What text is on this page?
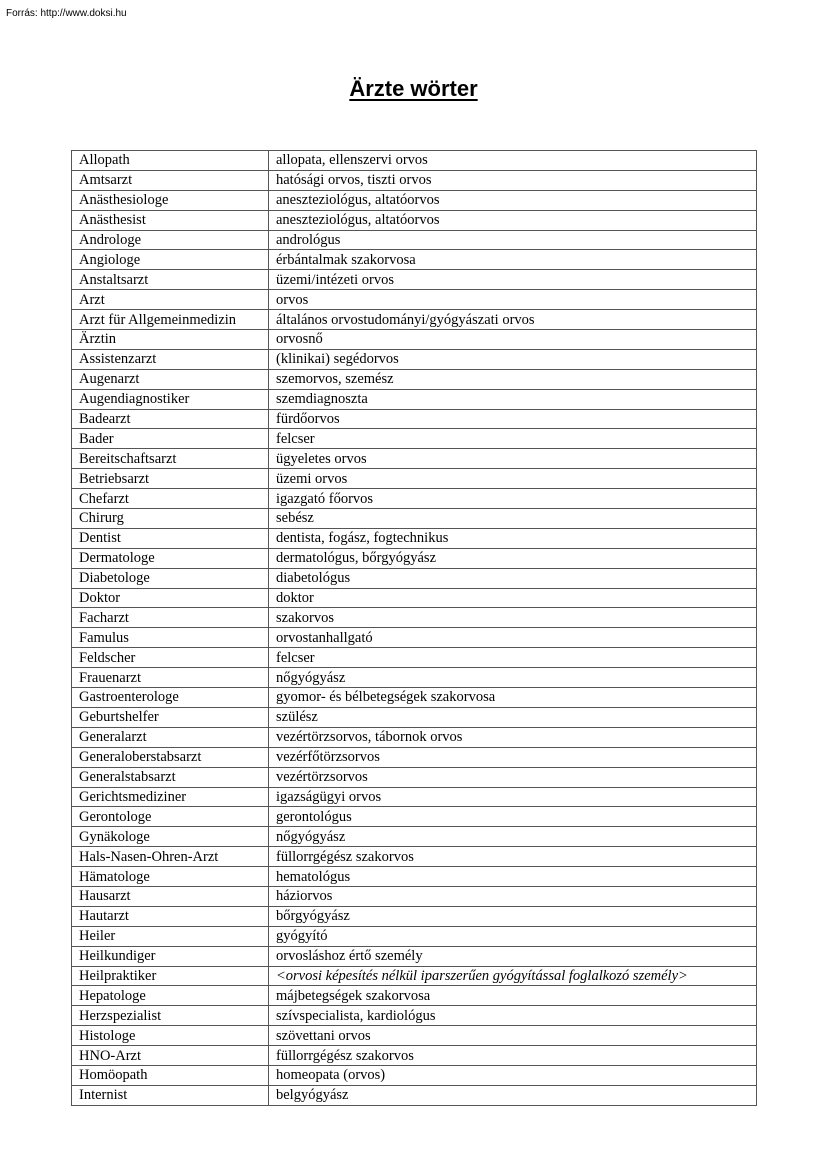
Forrás: http://www.doksi.hu
Ärzte wörter
Allopath	allopata, ellenszervi orvos
Amtsarzt	hatósági orvos, tiszti orvos
Anästhesiologe	aneszteziológus, altatóorvos
Anästhesist	aneszteziológus, altatóorvos
Androloge	andrológus
Angiologe	érbántalmak szakorvosa
Anstaltsarzt	üzemi/intézeti orvos
Arzt	orvos
Arzt für Allgemeinmedizin	általános orvostudományi/gyógyászati orvos
Ärztin	orvosnő
Assistenzarzt	(klinikai) segédorvos
Augenarzt	szemorvos, szemész
Augendiagnostiker	szemdiagnoszta
Badearzt	fürdőorvos
Bader	felcser
Bereitschaftsarzt	ügyeletes orvos
Betriebsarzt	üzemi orvos
Chefarzt	igazgató főorvos
Chirurg	sebész
Dentist	dentista, fogász, fogtechnikus
Dermatologe	dermatológus, bőrgyógyász
Diabetologe	diabetológus
Doktor	doktor
Facharzt	szakorvos
Famulus	orvostanhallgató
Feldscher	felcser
Frauenarzt	nőgyógyász
Gastroenterologe	gyomor- és bélbetegségek szakorvosa
Geburtshelfer	szülész
Generalarzt	vezértörzsorvos, tábornok orvos
Generaloberstabsarzt	vezérfőtörzsorvos
Generalstabsarzt	vezértörzsorvos
Gerichtsmediziner	igazságügyi orvos
Gerontologe	gerontológus
Gynäkologe	nőgyógyász
Hals-Nasen-Ohren-Arzt	füllorrgégész szakorvos
Hämatologe	hematológus
Hausarzt	háziorvos
Hautarzt	bőrgyógyász
Heiler	gyógyító
Heilkundiger	orvosláshoz értő személy
Heilpraktiker	<orvosi képesítés nélkül iparszerűen gyógyítással foglalkozó személy>
Hepatologe	májbetegségek szakorvosa
Herzspezialist	szívspecialista, kardiológus
Histologe	szövettani orvos
HNO-Arzt	füllorrgégész szakorvos
Homöopath	homeopata (orvos)
Internist	belgyógyász
